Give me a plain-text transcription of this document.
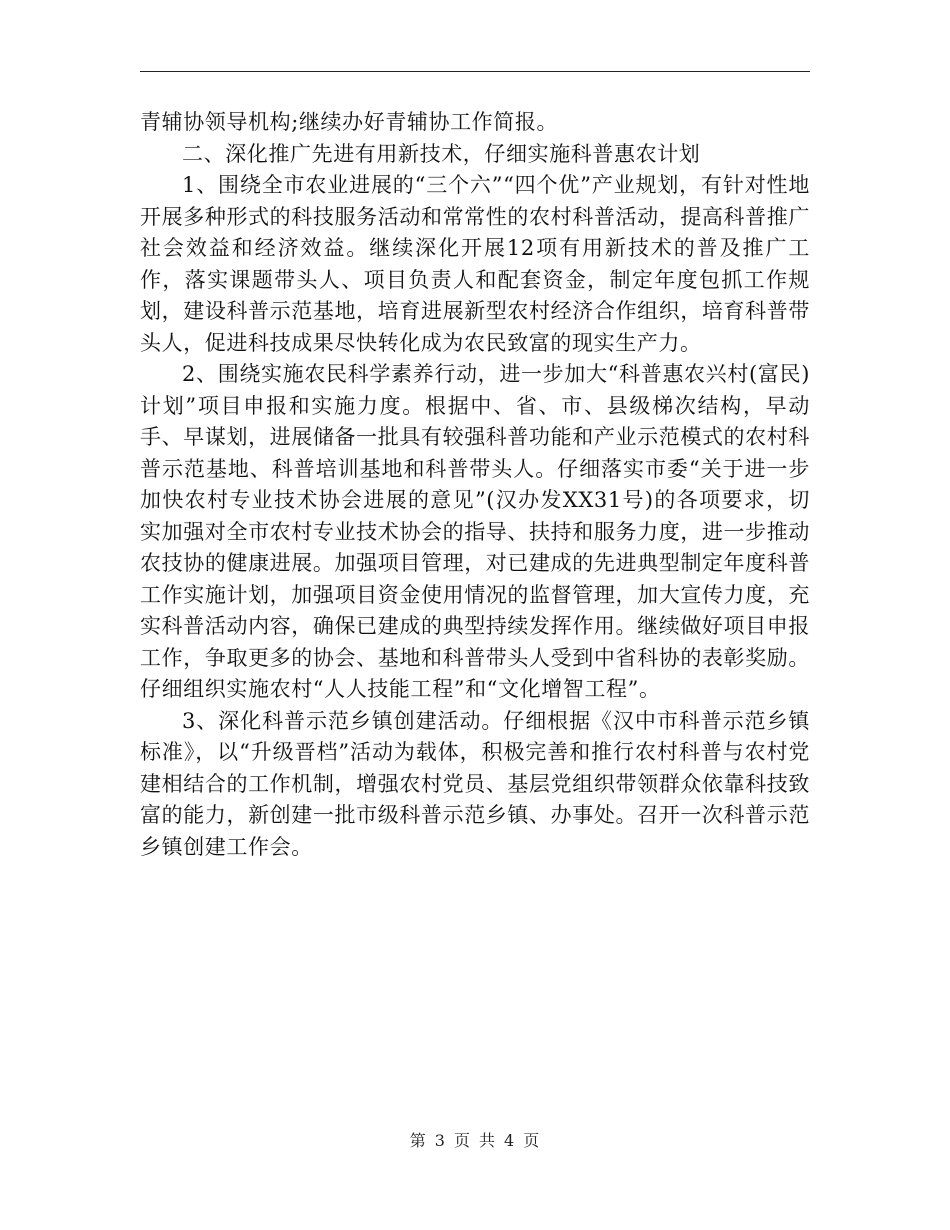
青辅协领导机构;继续办好青辅协工作简报。

二、深化推广先进有用新技术，仔细实施科普惠农计划

1、围绕全市农业进展的“三个六”“四个优”产业规划，有针对性地开展多种形式的科技服务活动和常常性的农村科普活动，提高科普推广社会效益和经济效益。继续深化开展12项有用新技术的普及推广工作，落实课题带头人、项目负责人和配套资金，制定年度包抓工作规划，建设科普示范基地，培育进展新型农村经济合作组织，培育科普带头人，促进科技成果尽快转化成为农民致富的现实生产力。

2、围绕实施农民科学素养行动，进一步加大“科普惠农兴村(富民)计划”项目申报和实施力度。根据中、省、市、县级梯次结构，早动手、早谋划，进展储备一批具有较强科普功能和产业示范模式的农村科普示范基地、科普培训基地和科普带头人。仔细落实市委“关于进一步加快农村专业技术协会进展的意见”(汉办发XX31号)的各项要求，切实加强对全市农村专业技术协会的指导、扶持和服务力度，进一步推动农技协的健康进展。加强项目管理，对已建成的先进典型制定年度科普工作实施计划，加强项目资金使用情况的监督管理，加大宣传力度，充实科普活动内容，确保已建成的典型持续发挥作用。继续做好项目申报工作，争取更多的协会、基地和科普带头人受到中省科协的表彰奖励。仔细组织实施农村“人人技能工程”和“文化增智工程”。

3、深化科普示范乡镇创建活动。仔细根据《汉中市科普示范乡镇标准》，以“升级晋档”活动为载体，积极完善和推行农村科普与农村党建相结合的工作机制，增强农村党员、基层党组织带领群众依靠科技致富的能力，新创建一批市级科普示范乡镇、办事处。召开一次科普示范乡镇创建工作会。

第 3 页 共 4 页
